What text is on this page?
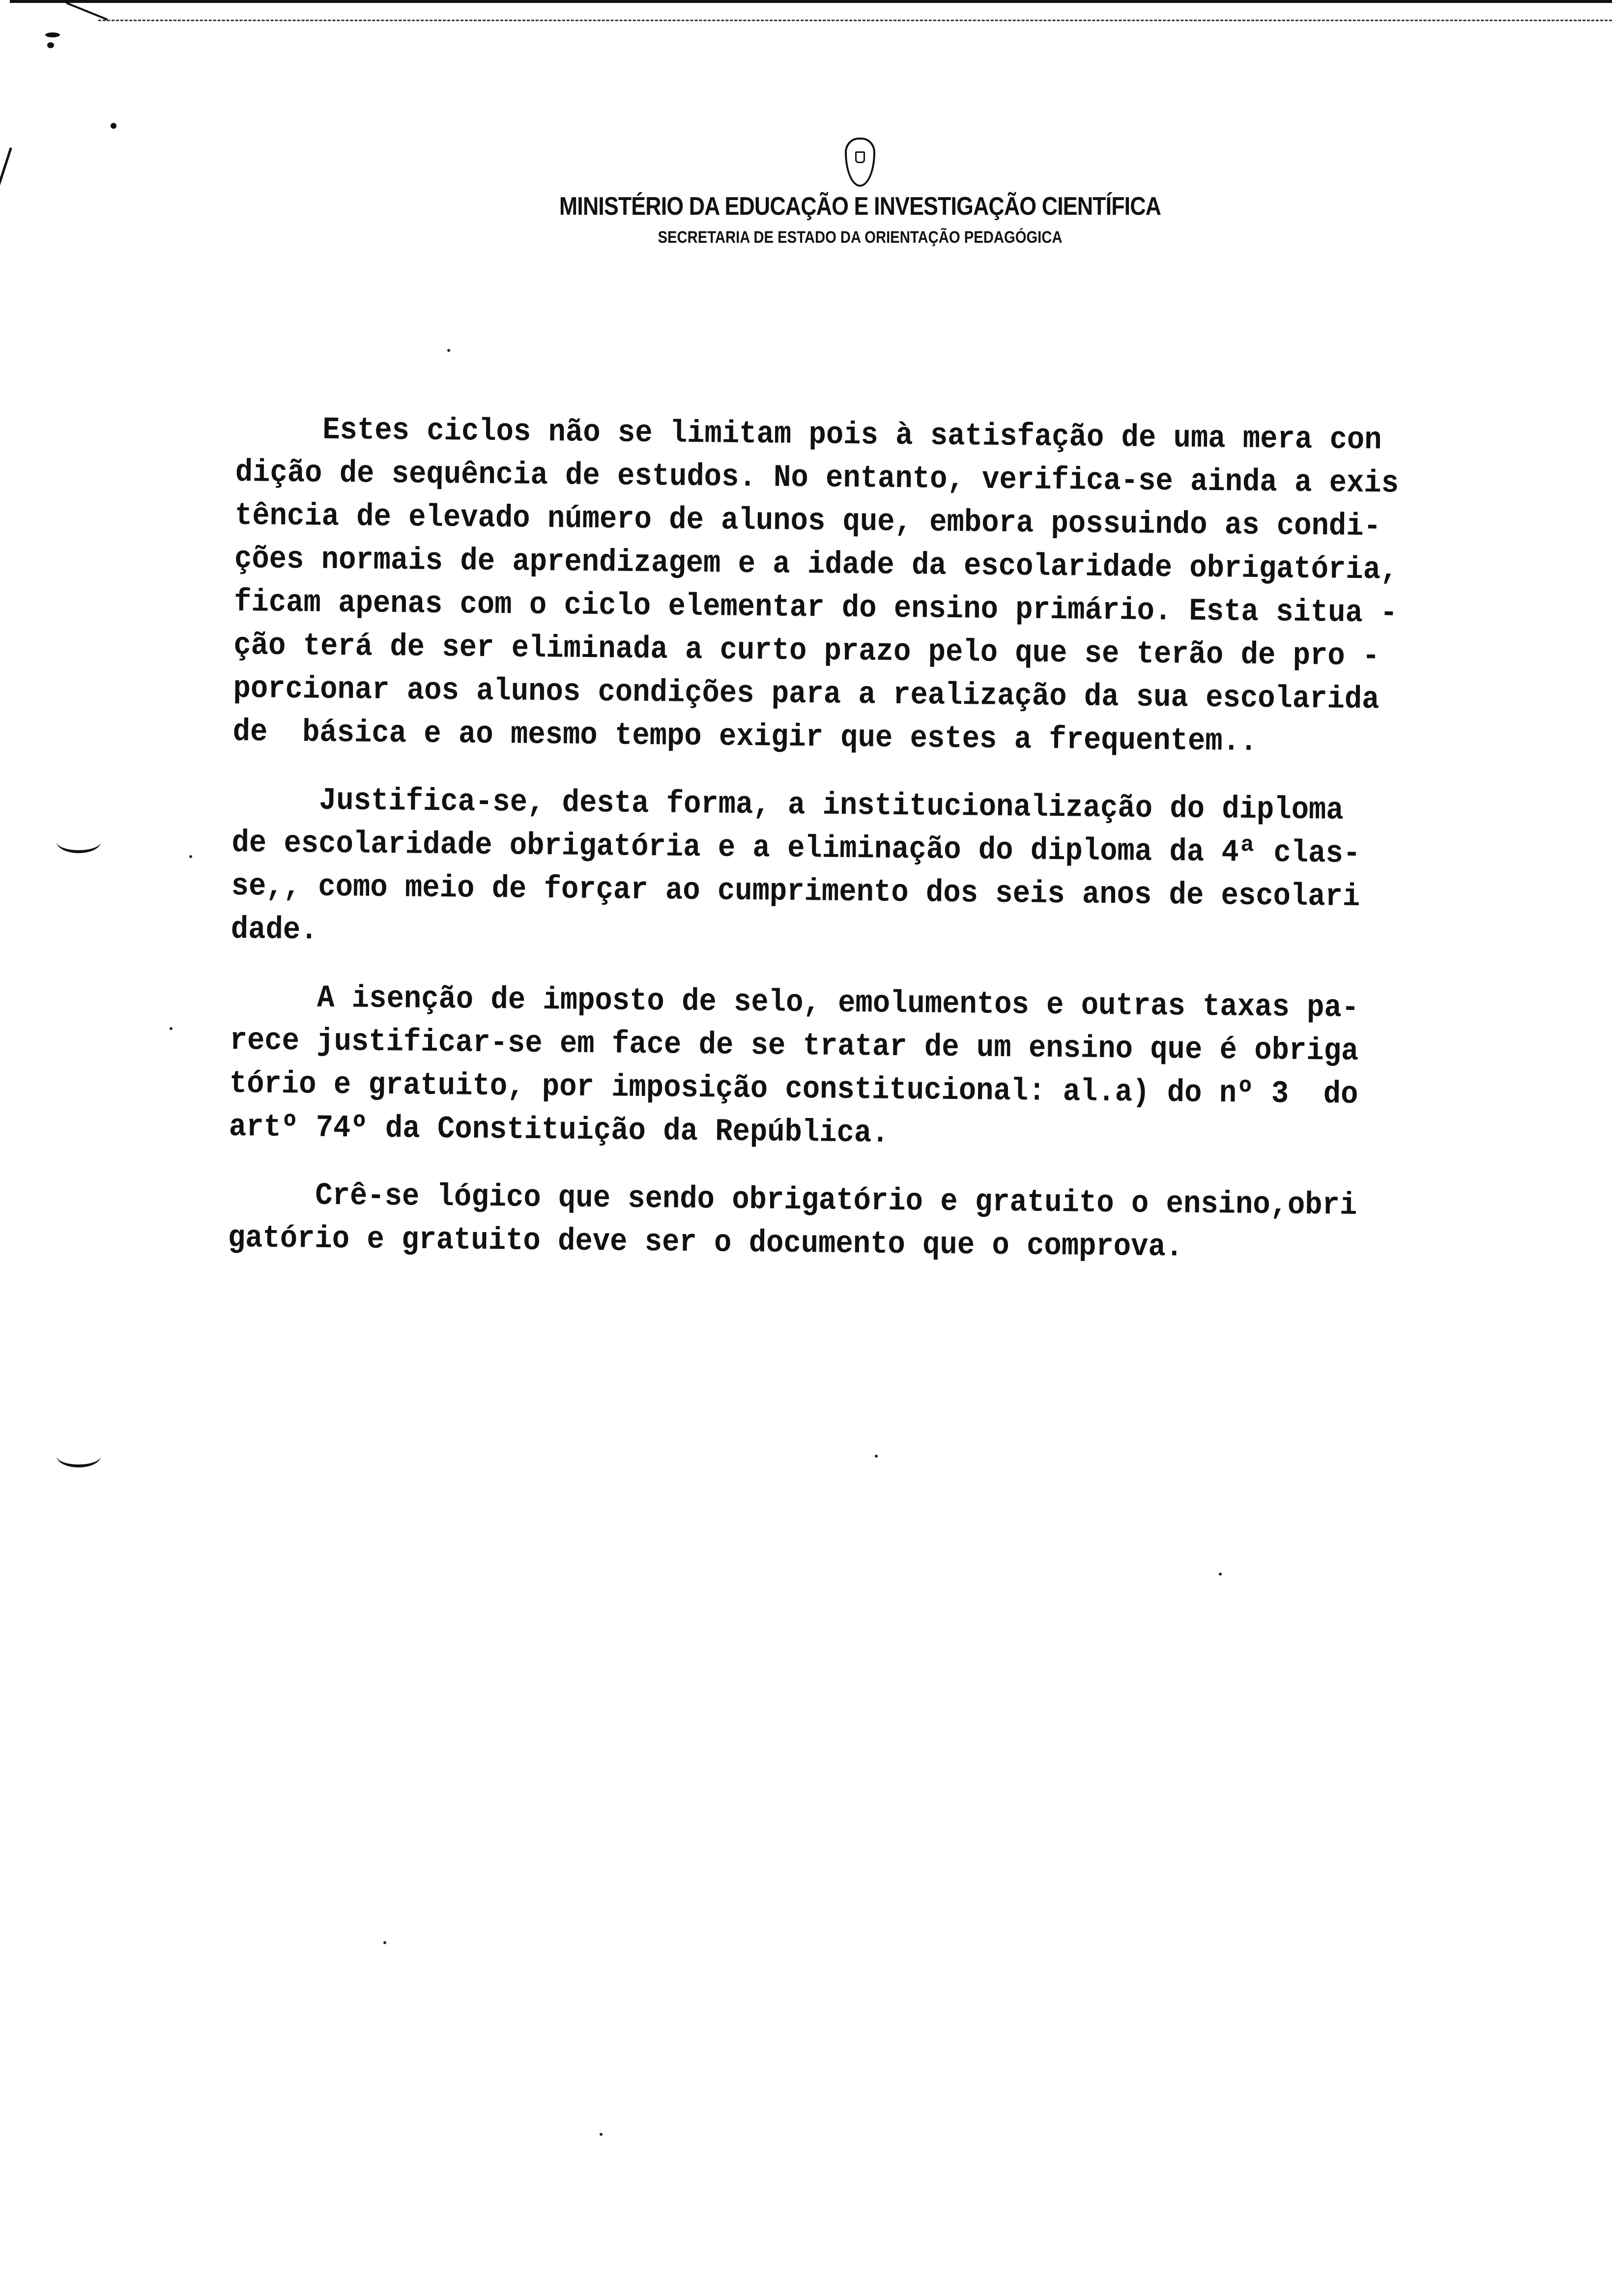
MINISTÉRIO DA EDUCAÇÃO E INVESTIGAÇÃO CIENTÍFICA
SECRETARIA DE ESTADO DA ORIENTAÇÃO PEDAGÓGICA
Estes ciclos não se limitam pois à satisfação de uma mera con
dição de sequência de estudos. No entanto, verifica-se ainda a exis
tência de elevado número de alunos que, embora possuindo as condi-
ções normais de aprendizagem e a idade da escolaridade obrigatória,
ficam apenas com o ciclo elementar do ensino primário. Esta situa -
ção terá de ser eliminada a curto prazo pelo que se terão de pro -
porcionar aos alunos condições para a realização da sua escolarida
de  básica e ao mesmo tempo exigir que estes a frequentem..
Justifica-se, desta forma, a institucionalização do diploma
de escolaridade obrigatória e a eliminação do diploma da 4ª clas-
se,, como meio de forçar ao cumprimento dos seis anos de escolari
dade.
A isenção de imposto de selo, emolumentos e outras taxas pa-
rece justificar-se em face de se tratar de um ensino que é obriga
tório e gratuito, por imposição constitucional: al.a) do nº 3  do
artº 74º da Constituição da República.
Crê-se lógico que sendo obrigatório e gratuito o ensino,obri
gatório e gratuito deve ser o documento que o comprova.
